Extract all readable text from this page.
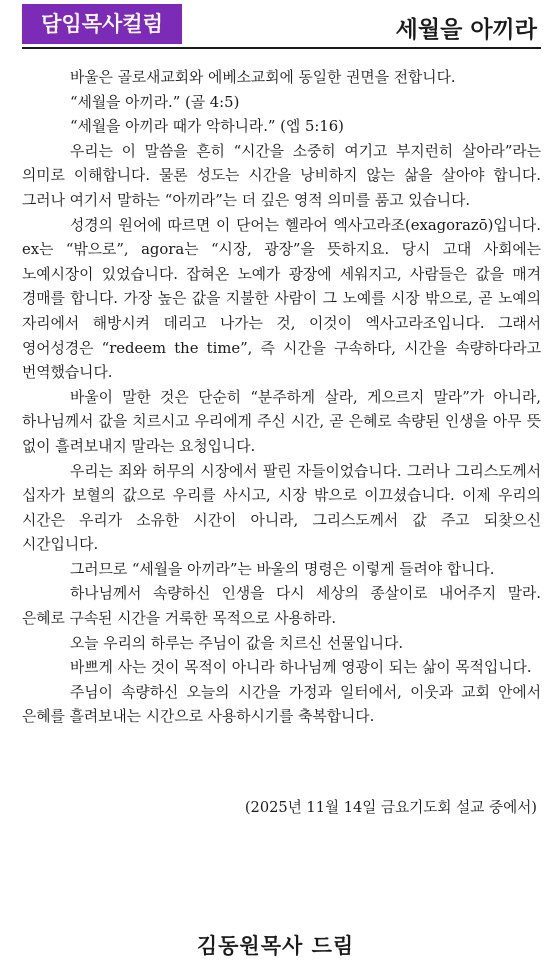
담임목사컬럼	세월을 아끼라

바울은 골로새교회와 에베소교회에 동일한 권면을 전합니다.

“세월을 아끼라.” (골 4:5)

“세월을 아끼라 때가 악하니라.” (엡 5:16)

우리는 이 말씀을 흔히 “시간을 소중히 여기고 부지런히 살아라”라는 의미로 이해합니다. 물론 성도는 시간을 낭비하지 않는 삶을 살아야 합니다. 그러나 여기서 말하는 “아끼라”는 더 깊은 영적 의미를 품고 있습니다.

성경의 원어에 따르면 이 단어는 헬라어 엑사고라조(exagorazō)입니다. ex는 “밖으로”, agora는 “시장, 광장”을 뜻하지요. 당시 고대 사회에는 노예시장이 있었습니다. 잡혀온 노예가 광장에 세워지고, 사람들은 값을 매겨 경매를 합니다. 가장 높은 값을 지불한 사람이 그 노예를 시장 밖으로, 곧 노예의 자리에서 해방시켜 데리고 나가는 것, 이것이 엑사고라조입니다. 그래서 영어성경은 “redeem the time”, 즉 시간을 구속하다, 시간을 속량하다라고 번역했습니다.

바울이 말한 것은 단순히 “분주하게 살라, 게으르지 말라”가 아니라, 하나님께서 값을 치르시고 우리에게 주신 시간, 곧 은혜로 속량된 인생을 아무 뜻 없이 흘려보내지 말라는 요청입니다.

우리는 죄와 허무의 시장에서 팔린 자들이었습니다. 그러나 그리스도께서 십자가 보혈의 값으로 우리를 사시고, 시장 밖으로 이끄셨습니다. 이제 우리의 시간은 우리가 소유한 시간이 아니라, 그리스도께서 값 주고 되찾으신 시간입니다.

그러므로 “세월을 아끼라”는 바울의 명령은 이렇게 들려야 합니다.

하나님께서 속량하신 인생을 다시 세상의 종살이로 내어주지 말라. 은혜로 구속된 시간을 거룩한 목적으로 사용하라.

오늘 우리의 하루는 주님이 값을 치르신 선물입니다.

바쁘게 사는 것이 목적이 아니라 하나님께 영광이 되는 삶이 목적입니다.

주님이 속량하신 오늘의 시간을 가정과 일터에서, 이웃과 교회 안에서 은혜를 흘려보내는 시간으로 사용하시기를 축복합니다.

(2025년 11월 14일 금요기도회 설교 중에서)
김동원목사 드림
